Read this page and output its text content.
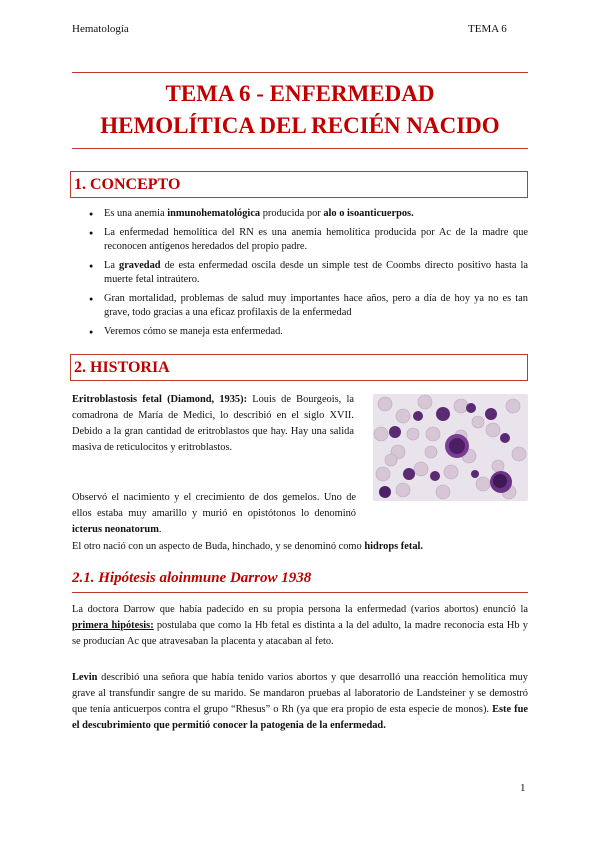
Hematología	TEMA 6
TEMA 6 - ENFERMEDAD
HEMOLÍTICA DEL RECIÉN NACIDO
1. CONCEPTO
● Es una anemia inmunohematológica producida por alo o isoanticuerpos.
● La enfermedad hemolítica del RN es una anemia hemolítica producida por Ac de la madre que reconocen antígenos heredados del propio padre.
● La gravedad de esta enfermedad oscila desde un simple test de Coombs directo positivo hasta la muerte fetal intraútero.
● Gran mortalidad, problemas de salud muy importantes hace años, pero a día de hoy ya no es tan grave, todo gracias a una eficaz profilaxis de la enfermedad
● Veremos cómo se maneja esta enfermedad.
2. HISTORIA
Eritroblastosis fetal (Diamond, 1935): Louis de Bourgeois, la comadrona de María de Medici, lo describió en el siglo XVII. Debido a la gran cantidad de eritroblastos que hay. Hay una salida masiva de reticulocitos y eritroblastos.
Observó el nacimiento y el crecimiento de dos gemelos. Uno de ellos estaba muy amarillo y murió en opistótonos lo denominó icterus neonatorum.
El otro nació con un aspecto de Buda, hinchado, y se denominó como hidrops fetal.
2.1. Hipótesis aloinmune Darrow 1938
La doctora Darrow que había padecido en su propia persona la enfermedad (varios abortos) enunció la primera hipótesis: postulaba que como la Hb fetal es distinta a la del adulto, la madre reconocía esta Hb y se producían Ac que atravesaban la placenta y atacaban al feto.
Levin describió una señora que había tenido varios abortos y que desarrolló una reacción hemolítica muy grave al transfundir sangre de su marido. Se mandaron pruebas al laboratorio de Landsteiner y se demostró que tenía anticuerpos contra el grupo “Rhesus” o Rh (ya que era propio de esta especie de monos). Este fue el descubrimiento que permitió conocer la patogenia de la enfermedad.
1
